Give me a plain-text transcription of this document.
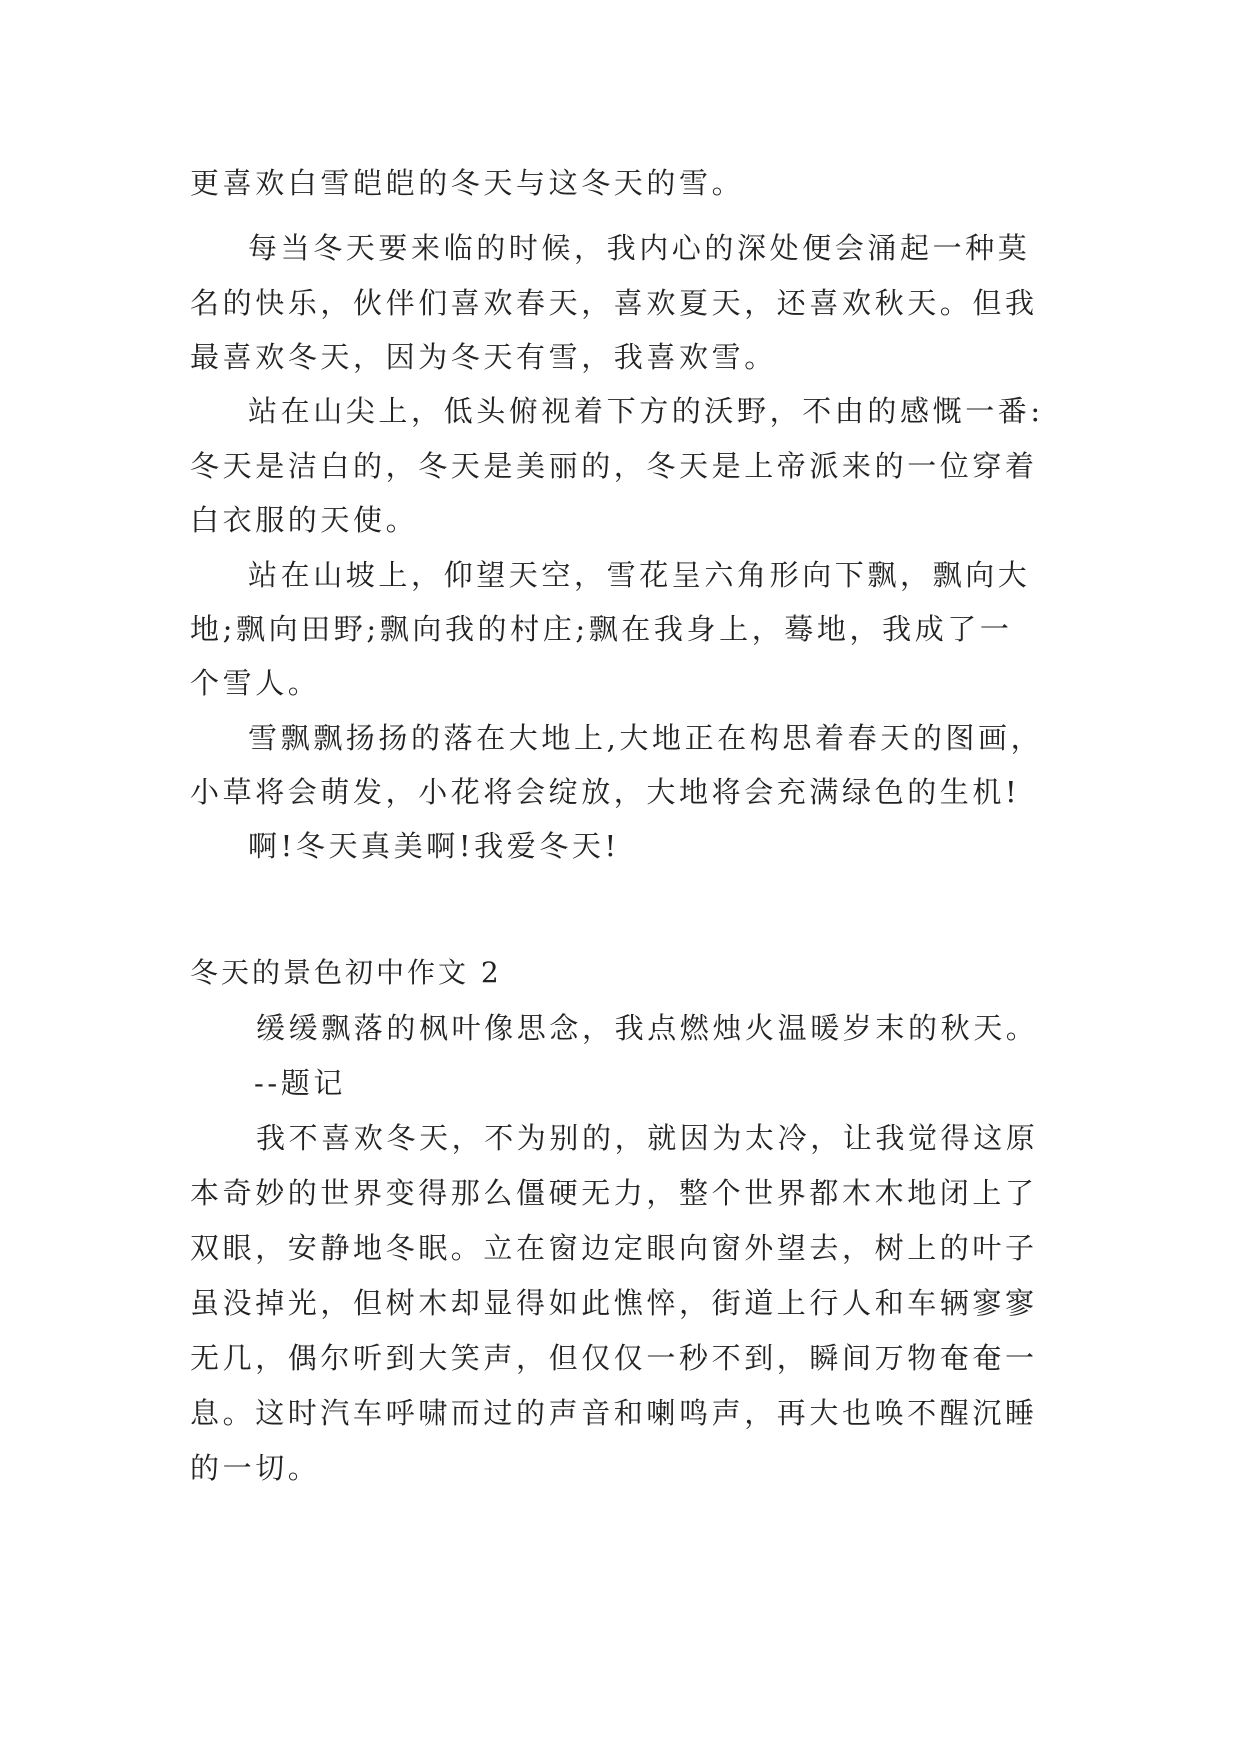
更喜欢白雪皑皑的冬天与这冬天的雪。
每当冬天要来临的时候，我内心的深处便会涌起一种莫
名的快乐，伙伴们喜欢春天，喜欢夏天，还喜欢秋天。但我
最喜欢冬天，因为冬天有雪，我喜欢雪。
站在山尖上，低头俯视着下方的沃野，不由的感慨一番:
冬天是洁白的，冬天是美丽的，冬天是上帝派来的一位穿着
白衣服的天使。
站在山坡上，仰望天空，雪花呈六角形向下飘，飘向大
地;飘向田野;飘向我的村庄;飘在我身上，蓦地，我成了一
个雪人。
雪飘飘扬扬的落在大地上,大地正在构思着春天的图画，
小草将会萌发，小花将会绽放，大地将会充满绿色的生机!
啊!冬天真美啊!我爱冬天!
冬天的景色初中作文 2
缓缓飘落的枫叶像思念，我点燃烛火温暖岁末的秋天。
--题记
我不喜欢冬天，不为别的，就因为太冷，让我觉得这原
本奇妙的世界变得那么僵硬无力，整个世界都木木地闭上了
双眼，安静地冬眠。立在窗边定眼向窗外望去，树上的叶子
虽没掉光，但树木却显得如此憔悴，街道上行人和车辆寥寥
无几，偶尔听到大笑声，但仅仅一秒不到，瞬间万物奄奄一
息。这时汽车呼啸而过的声音和喇鸣声，再大也唤不醒沉睡
的一切。
